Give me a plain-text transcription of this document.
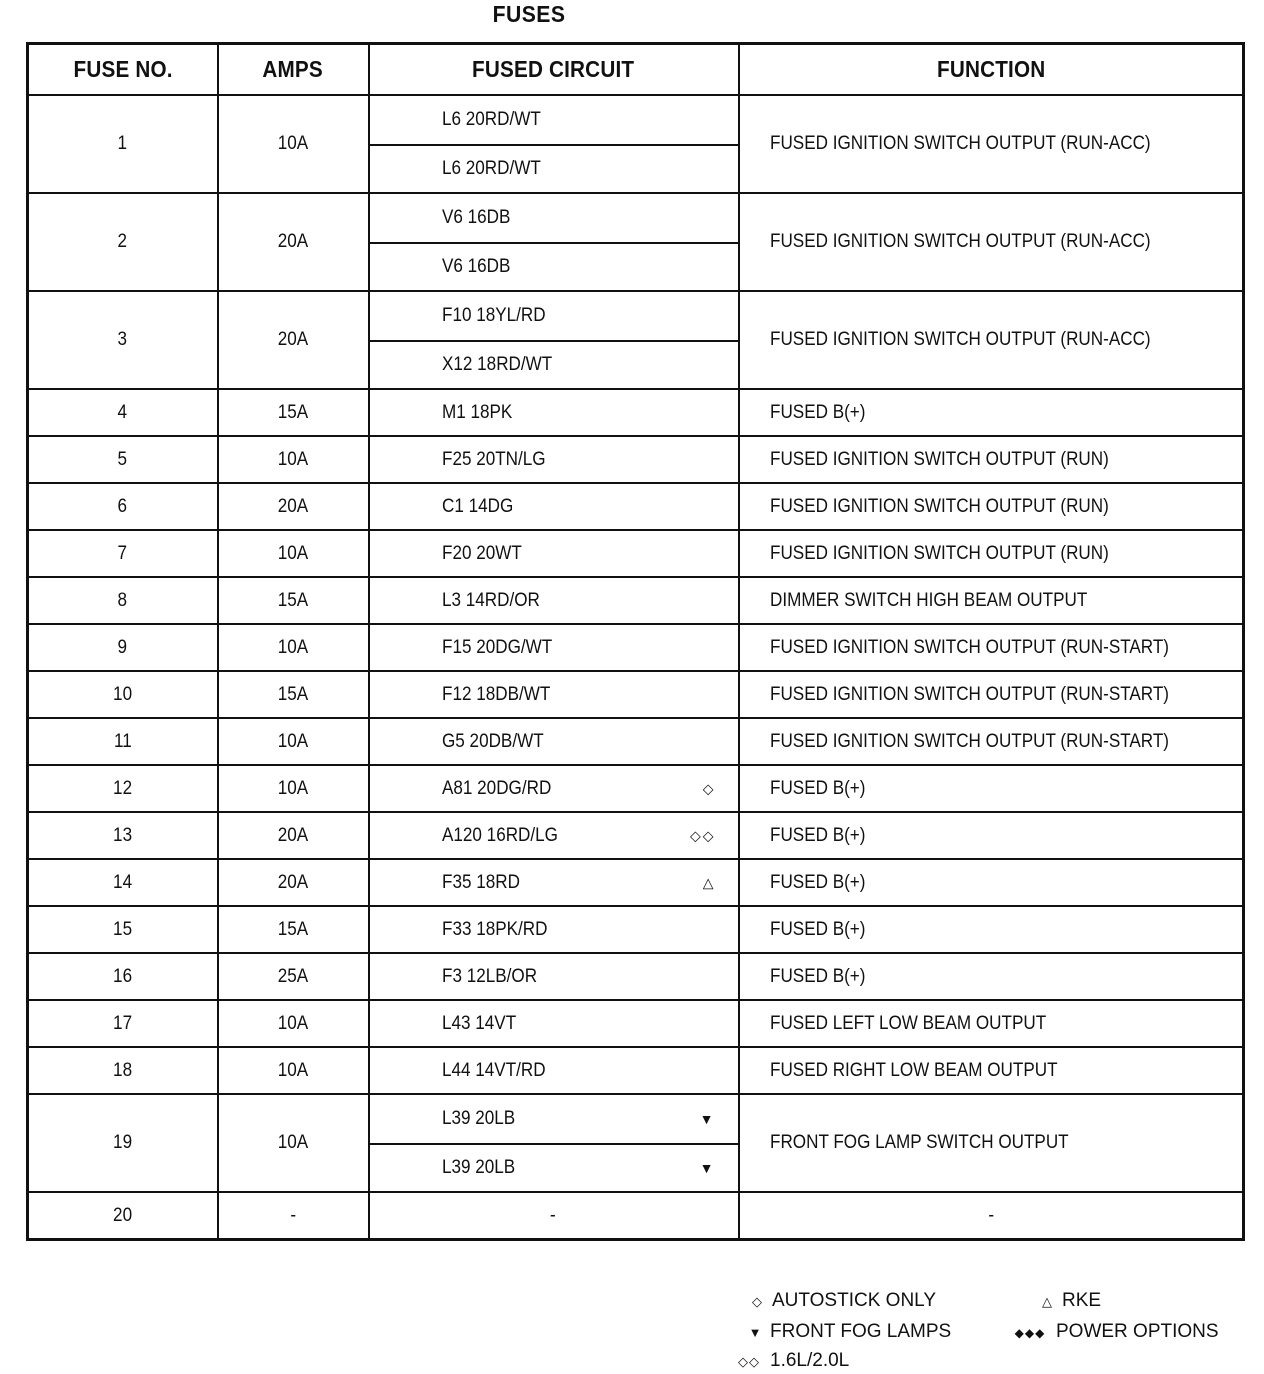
FUSES
FUSE NO.	AMPS	FUSED CIRCUIT	FUNCTION
1	10A	L6 20RD/WT
L6 20RD/WT	FUSED IGNITION SWITCH OUTPUT (RUN-ACC)
2	20A	V6 16DB
V6 16DB	FUSED IGNITION SWITCH OUTPUT (RUN-ACC)
3	20A	F10 18YL/RD
X12 18RD/WT	FUSED IGNITION SWITCH OUTPUT (RUN-ACC)
4	15A	M1 18PK	FUSED B(+)
5	10A	F25 20TN/LG	FUSED IGNITION SWITCH OUTPUT (RUN)
6	20A	C1 14DG	FUSED IGNITION SWITCH OUTPUT (RUN)
7	10A	F20 20WT	FUSED IGNITION SWITCH OUTPUT (RUN)
8	15A	L3 14RD/OR	DIMMER SWITCH HIGH BEAM OUTPUT
9	10A	F15 20DG/WT	FUSED IGNITION SWITCH OUTPUT (RUN-START)
10	15A	F12 18DB/WT	FUSED IGNITION SWITCH OUTPUT (RUN-START)
11	10A	G5 20DB/WT	FUSED IGNITION SWITCH OUTPUT (RUN-START)
12	10A	A81 20DG/RD ◇	FUSED B(+)
13	20A	A120 16RD/LG ◇◇	FUSED B(+)
14	20A	F35 18RD △	FUSED B(+)
15	15A	F33 18PK/RD	FUSED B(+)
16	25A	F3 12LB/OR	FUSED B(+)
17	10A	L43 14VT	FUSED LEFT LOW BEAM OUTPUT
18	10A	L44 14VT/RD	FUSED RIGHT LOW BEAM OUTPUT
19	10A	L39 20LB ▼
L39 20LB ▼	FRONT FOG LAMP SWITCH OUTPUT
20	-	-	-
◇ AUTOSTICK ONLY	△ RKE
▼ FRONT FOG LAMPS	◆◆◆ POWER OPTIONS
◇◇ 1.6L/2.0L
